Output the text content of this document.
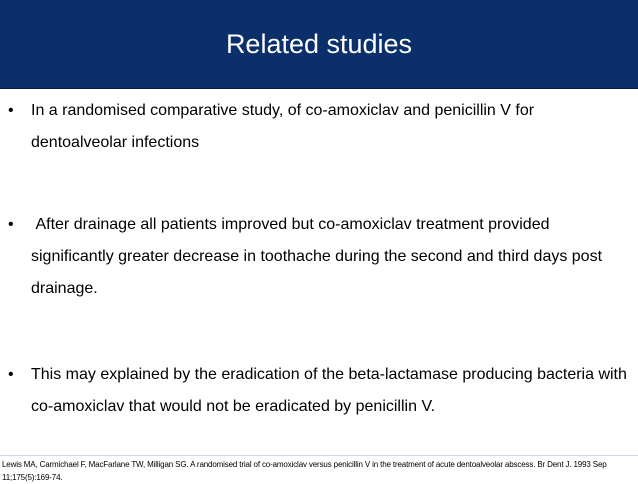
Related studies
• In a randomised comparative study, of co-amoxiclav and penicillin V for dentoalveolar infections
• After drainage all patients improved but co-amoxiclav treatment provided significantly greater decrease in toothache during the second and third days post drainage.
• This may explained by the eradication of the beta-lactamase producing bacteria with co-amoxiclav that would not be eradicated by penicillin V.
Lewis MA, Carmichael F, MacFarlane TW, Milligan SG. A randomised trial of co-amoxiclav versus penicillin V in the treatment of acute dentoalveolar abscess. Br Dent J. 1993 Sep 11;175(5):169-74.
